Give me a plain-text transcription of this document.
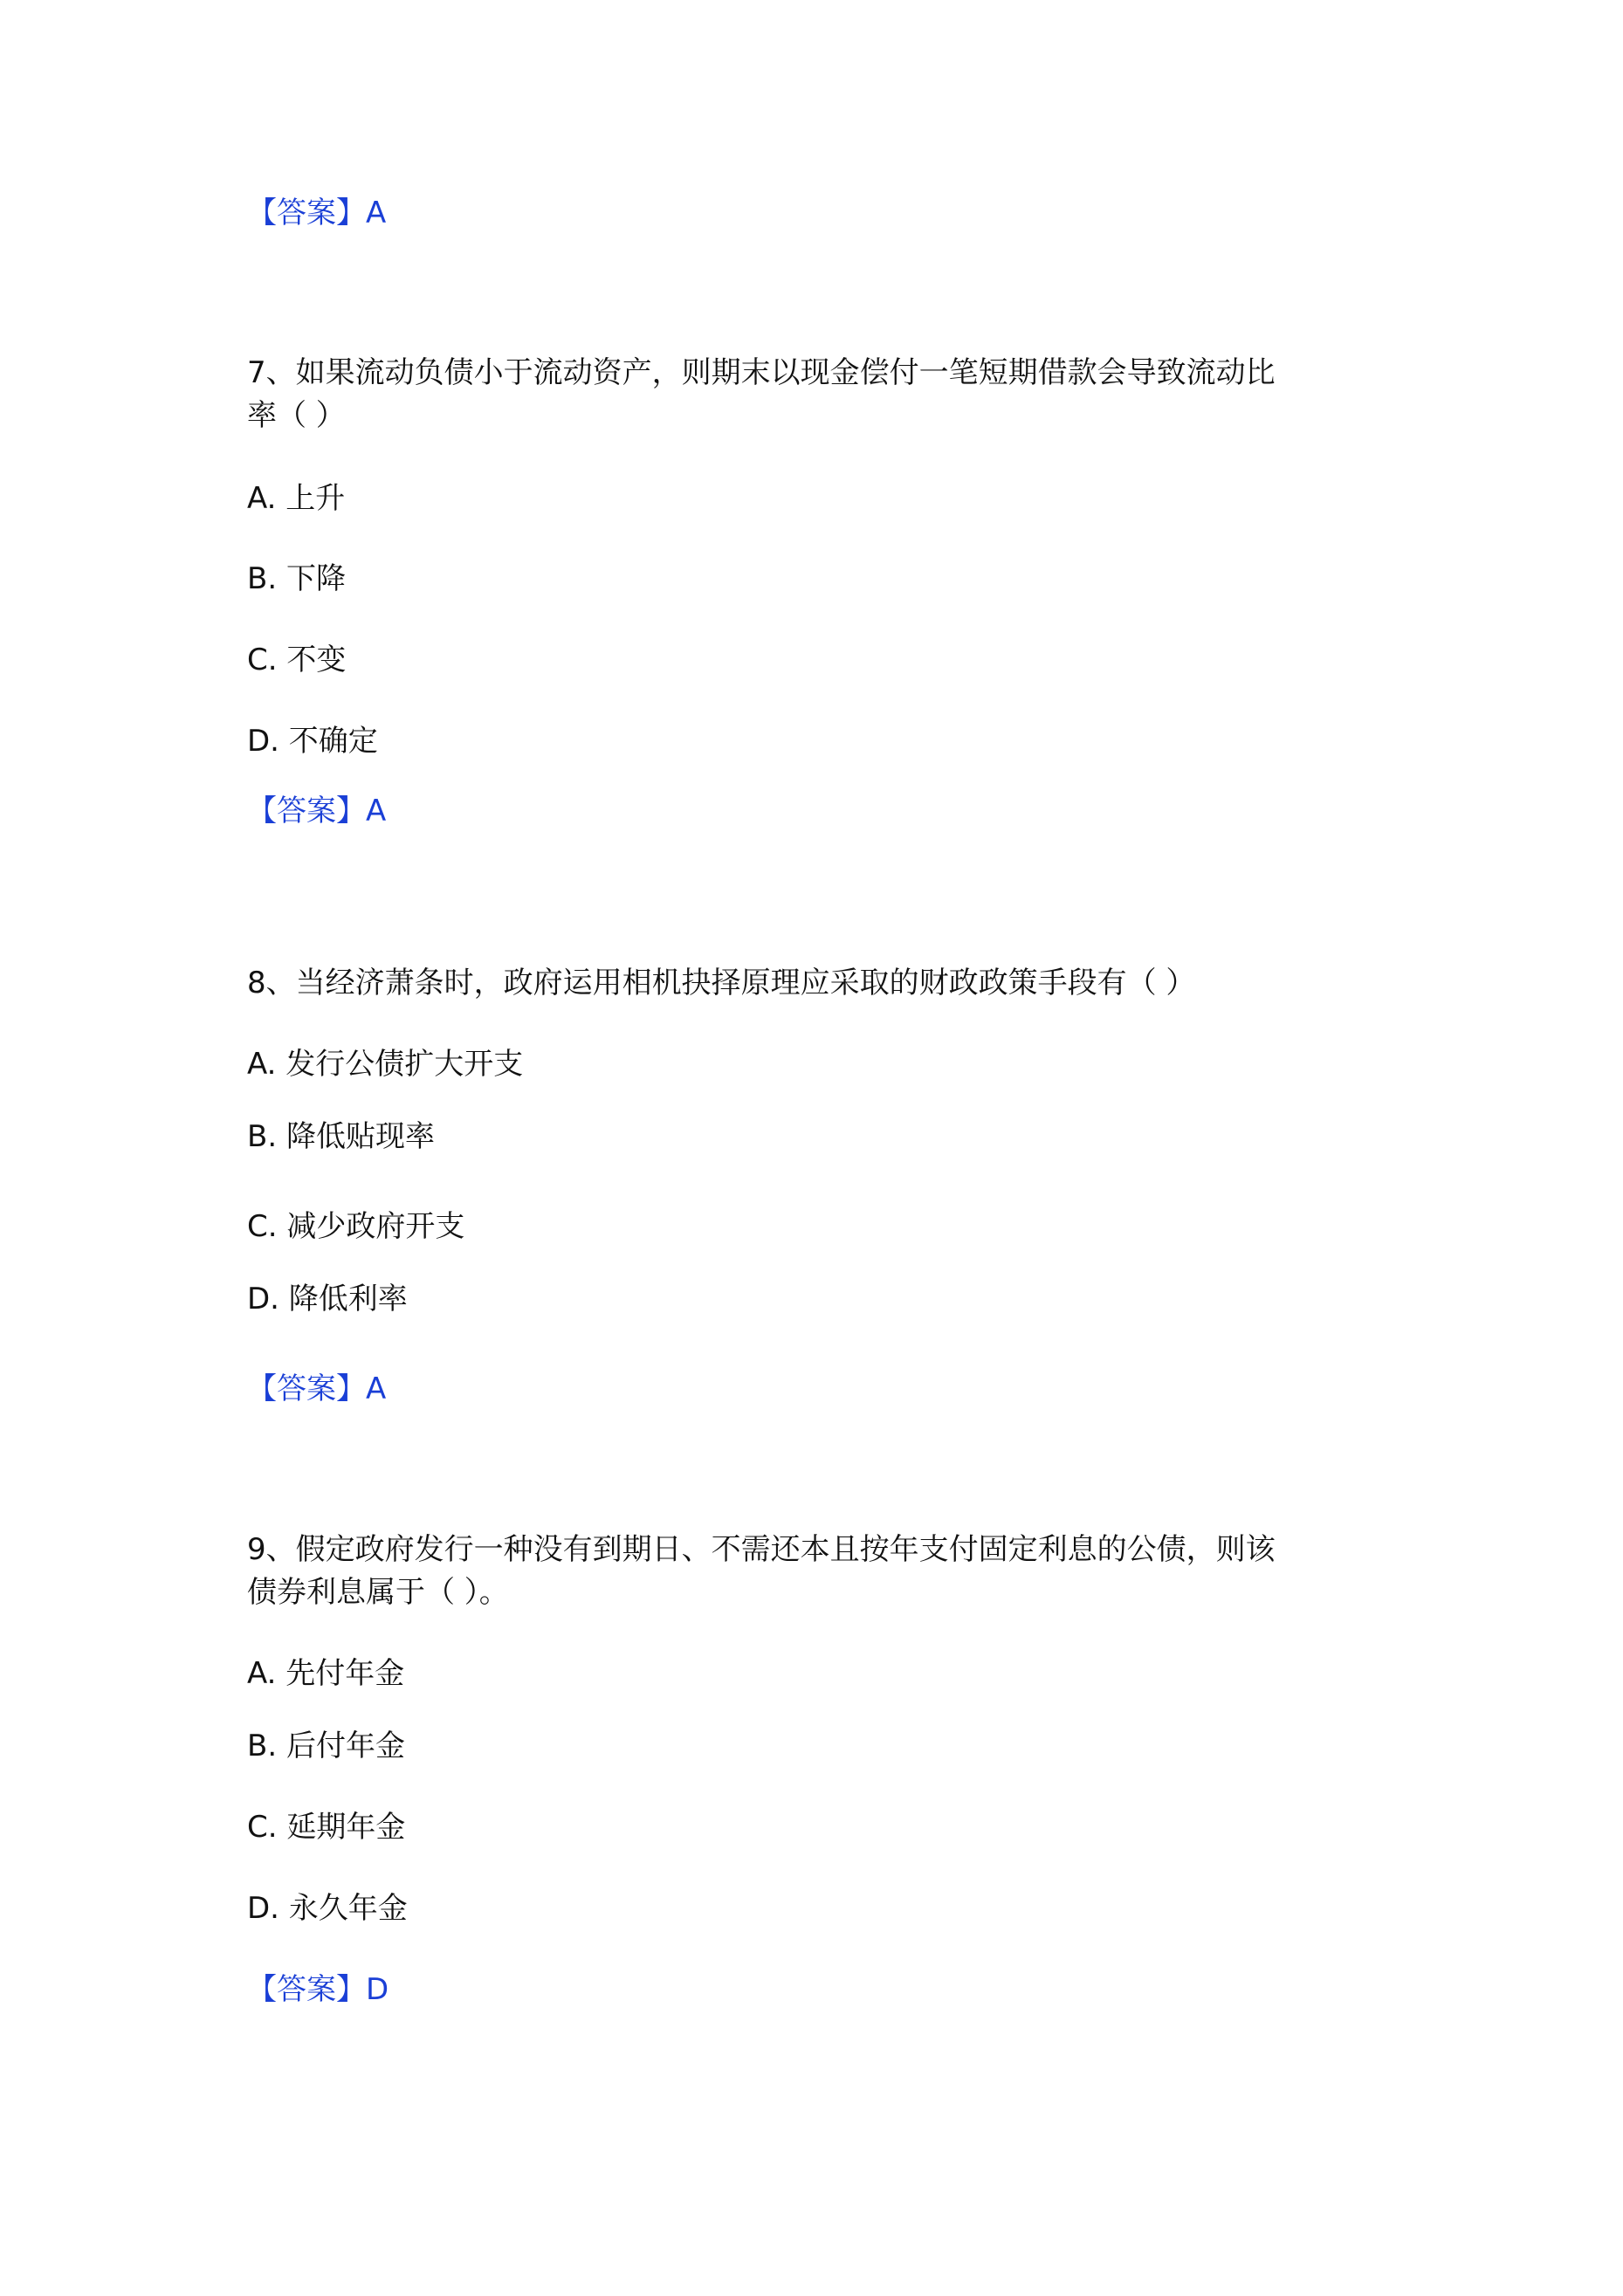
【答案】A
7、如果流动负债小于流动资产，则期末以现金偿付一笔短期借款会导致流动比
率（ ）
A. 上升
B. 下降
C. 不变
D. 不确定
【答案】A
8、当经济萧条时，政府运用相机抉择原理应采取的财政政策手段有（ ）
A. 发行公债扩大开支
B. 降低贴现率
C. 减少政府开支
D. 降低利率
【答案】A
9、假定政府发行一种没有到期日、不需还本且按年支付固定利息的公债，则该
债券利息属于（ ）。
A. 先付年金
B. 后付年金
C. 延期年金
D. 永久年金
【答案】D
